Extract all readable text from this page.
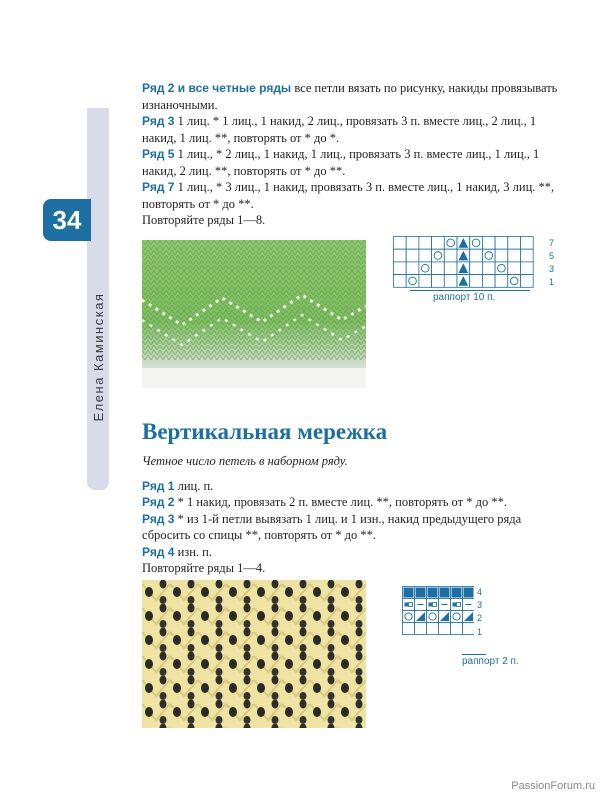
Елена Каминская
34

Ряд 2 и все четные ряды все петли вязать по рисунку, накиды провязывать изнаночными.

Ряд 3 1 лиц. * 1 лиц., 1 накид, 2 лиц., провязать 3 п. вместе лиц., 2 лиц., 1 накид, 1 лиц. **, повторять от * до *.

Ряд 5 1 лиц., * 2 лиц., 1 накид, 1 лиц., провязать 3 п. вместе лиц., 1 лиц., 1 накид, 2 лиц. **, повторять от * до **.

Ряд 7 1 лиц., * 3 лиц., 1 накид, провязать 3 п. вместе лиц., 1 накид, 3 лиц. **, повторять от * до **.

Повторяйте ряды 1—8.

7
5
3
1
раппорт 10 п.
Вертикальная мережка

Четное число петель в наборном ряду.

Ряд 1 лиц. п.

Ряд 2 * 1 накид, провязать 2 п. вместе лиц. **, повторять от * до **.

Ряд 3 * из 1-й петли вывязать 1 лиц. и 1 изн., накид предыдущего ряда сбросить со спицы **, повторять от * до **.

Ряд 4 изн. п.

Повторяйте ряды 1—4.

4
3
2
1
раппорт 2 п.
PassionForum.ru
